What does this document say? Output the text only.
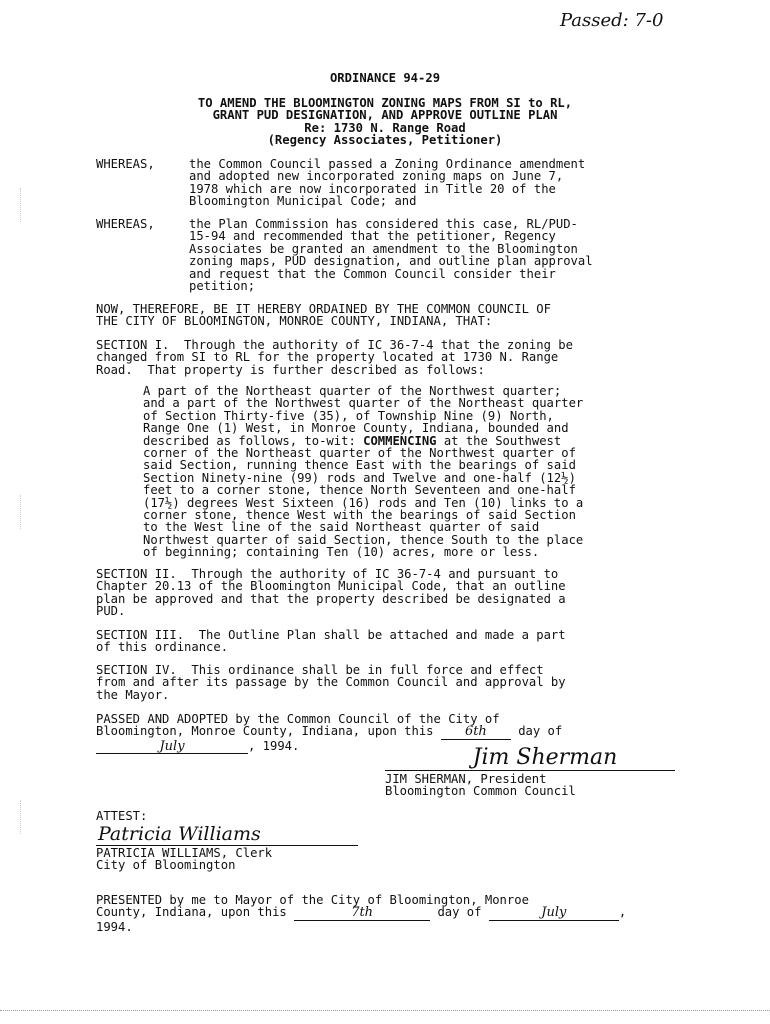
Passed: 7-0
ORDINANCE 94-29
TO AMEND THE BLOOMINGTON ZONING MAPS FROM SI to RL,
GRANT PUD DESIGNATION, AND APPROVE OUTLINE PLAN
Re: 1730 N. Range Road
(Regency Associates, Petitioner)
WHEREAS,	the Common Council passed a Zoning Ordinance amendment
and adopted new incorporated zoning maps on June 7,
1978 which are now incorporated in Title 20 of the
Bloomington Municipal Code; and
WHEREAS,	the Plan Commission has considered this case, RL/PUD-
15-94 and recommended that the petitioner, Regency
Associates be granted an amendment to the Bloomington
zoning maps, PUD designation, and outline plan approval
and request that the Common Council consider their
petition;
NOW, THEREFORE, BE IT HEREBY ORDAINED BY THE COMMON COUNCIL OF
THE CITY OF BLOOMINGTON, MONROE COUNTY, INDIANA, THAT:
SECTION I.  Through the authority of IC 36-7-4 that the zoning be
changed from SI to RL for the property located at 1730 N. Range
Road.  That property is further described as follows:
A part of the Northeast quarter of the Northwest quarter;
and a part of the Northwest quarter of the Northeast quarter
of Section Thirty-five (35), of Township Nine (9) North,
Range One (1) West, in Monroe County, Indiana, bounded and
described as follows, to-wit: COMMENCING at the Southwest
corner of the Northeast quarter of the Northwest quarter of
said Section, running thence East with the bearings of said
Section Ninety-nine (99) rods and Twelve and one-half (12½)
feet to a corner stone, thence North Seventeen and one-half
(17½) degrees West Sixteen (16) rods and Ten (10) links to a
corner stone, thence West with the bearings of said Section
to the West line of the said Northeast quarter of said
Northwest quarter of said Section, thence South to the place
of beginning; containing Ten (10) acres, more or less.
SECTION II.  Through the authority of IC 36-7-4 and pursuant to
Chapter 20.13 of the Bloomington Municipal Code, that an outline
plan be approved and that the property described be designated a
PUD.
SECTION III.  The Outline Plan shall be attached and made a part
of this ordinance.
SECTION IV.  This ordinance shall be in full force and effect
from and after its passage by the Common Council and approval by
the Mayor.
PASSED AND ADOPTED by the Common Council of the City of
Bloomington, Monroe County, Indiana, upon this 6th day of
July	, 1994.	Jim Sherman
JIM SHERMAN, President
Bloomington Common Council
ATTEST:
Patricia Williams
PATRICIA WILLIAMS, Clerk
City of Bloomington
PRESENTED by me to Mayor of the City of Bloomington, Monroe
County, Indiana, upon this	7th	day of	July	,
1994.
